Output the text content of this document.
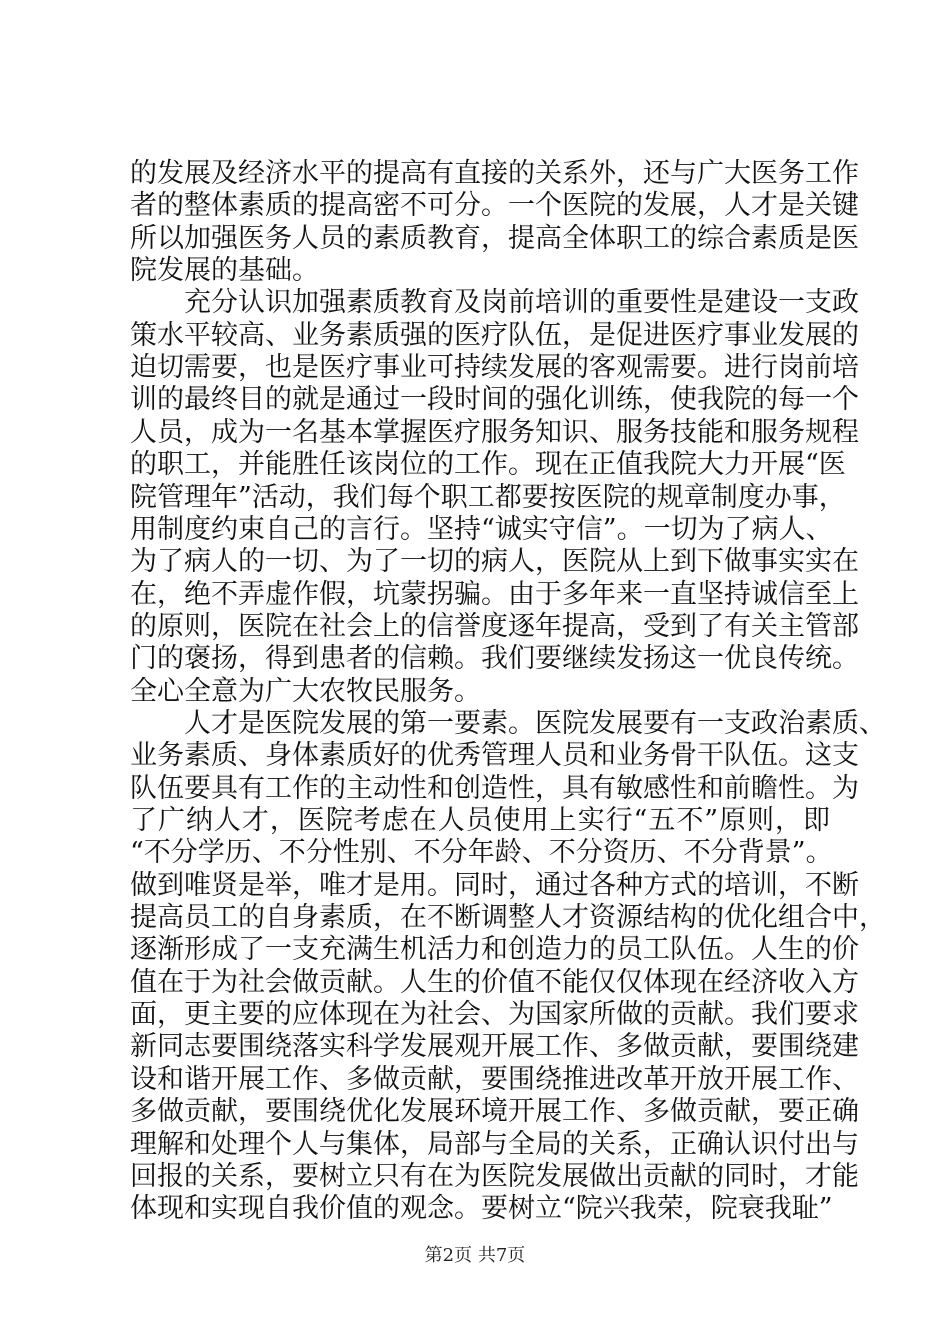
的发展及经济水平的提高有直接的关系外，还与广大医务工作
者的整体素质的提高密不可分。一个医院的发展，人才是关键
所以加强医务人员的素质教育，提高全体职工的综合素质是医
院发展的基础。
充分认识加强素质教育及岗前培训的重要性是建设一支政
策水平较高、业务素质强的医疗队伍，是促进医疗事业发展的
迫切需要，也是医疗事业可持续发展的客观需要。进行岗前培
训的最终目的就是通过一段时间的强化训练，使我院的每一个
人员，成为一名基本掌握医疗服务知识、服务技能和服务规程
的职工，并能胜任该岗位的工作。现在正值我院大力开展“医
院管理年”活动，我们每个职工都要按医院的规章制度办事，
用制度约束自己的言行。坚持“诚实守信”。一切为了病人、
为了病人的一切、为了一切的病人，医院从上到下做事实实在
在，绝不弄虚作假，坑蒙拐骗。由于多年来一直坚持诚信至上
的原则，医院在社会上的信誉度逐年提高，受到了有关主管部
门的褒扬，得到患者的信赖。我们要继续发扬这一优良传统。
全心全意为广大农牧民服务。
人才是医院发展的第一要素。医院发展要有一支政治素质、
业务素质、身体素质好的优秀管理人员和业务骨干队伍。这支
队伍要具有工作的主动性和创造性，具有敏感性和前瞻性。为
了广纳人才，医院考虑在人员使用上实行“五不”原则，即
“不分学历、不分性别、不分年龄、不分资历、不分背景”。
做到唯贤是举，唯才是用。同时，通过各种方式的培训，不断
提高员工的自身素质，在不断调整人才资源结构的优化组合中，
逐渐形成了一支充满生机活力和创造力的员工队伍。人生的价
值在于为社会做贡献。人生的价值不能仅仅体现在经济收入方
面，更主要的应体现在为社会、为国家所做的贡献。我们要求
新同志要围绕落实科学发展观开展工作、多做贡献，要围绕建
设和谐开展工作、多做贡献，要围绕推进改革开放开展工作、
多做贡献，要围绕优化发展环境开展工作、多做贡献，要正确
理解和处理个人与集体，局部与全局的关系，正确认识付出与
回报的关系，要树立只有在为医院发展做出贡献的同时，才能
体现和实现自我价值的观念。要树立“院兴我荣，院衰我耻”
第2页 共7页
